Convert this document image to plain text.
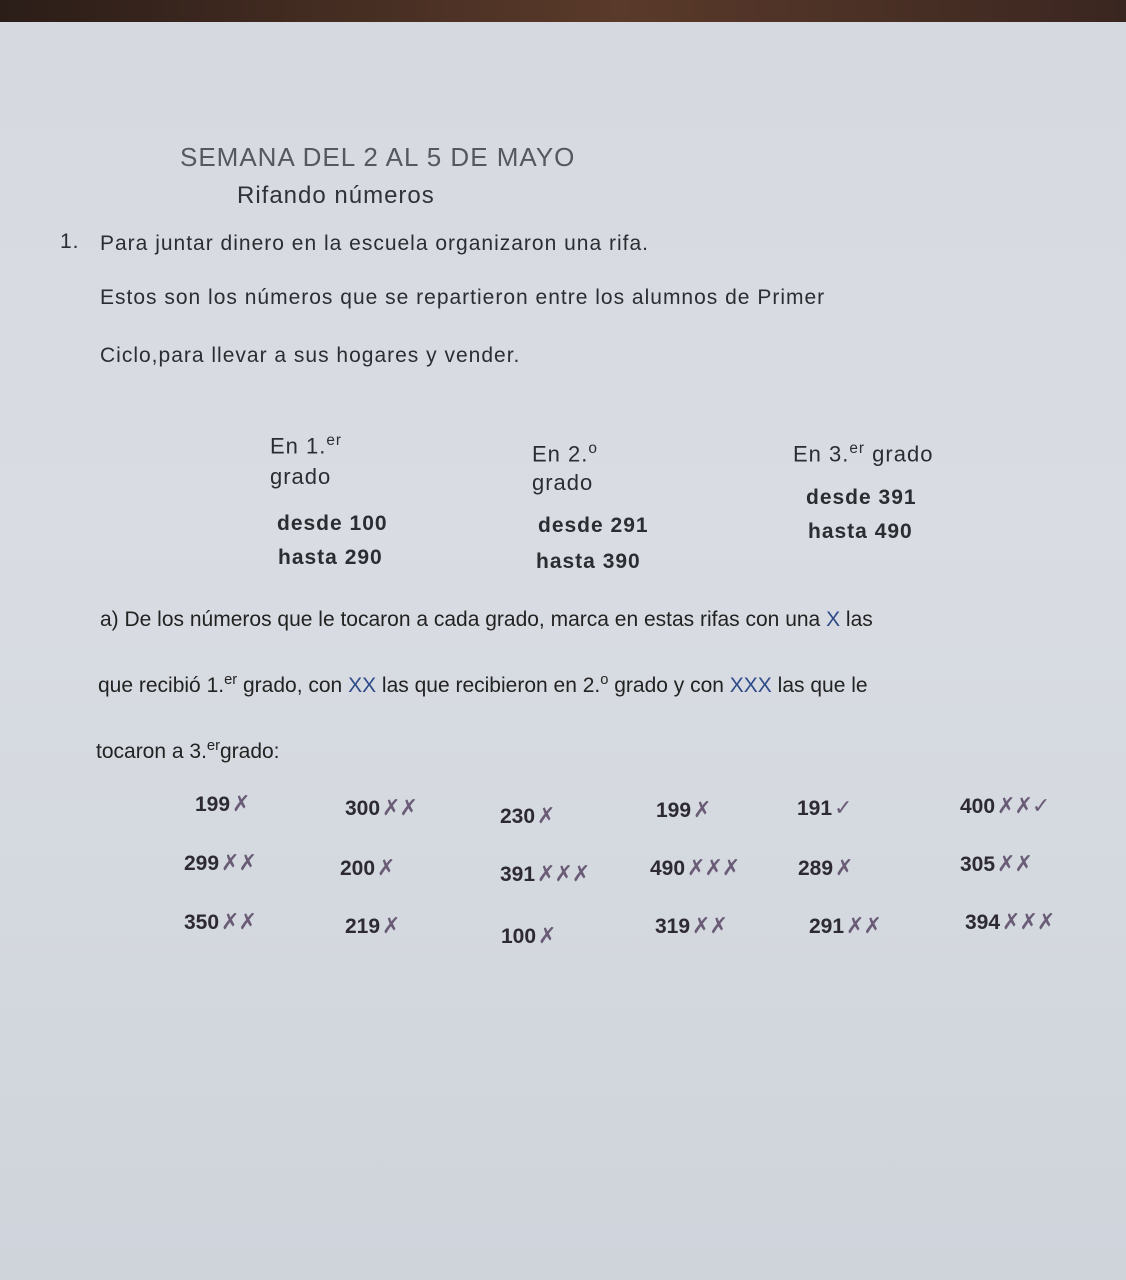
SEMANA DEL 2 AL 5 DE MAYO
Rifando números
1. Para juntar dinero en la escuela organizaron una rifa.
Estos son los números que se repartieron entre los alumnos de Primer
Ciclo,para llevar a sus hogares y vender.
En 1.$^{er}$
grado
desde 100
hasta 290
En 2.$^o$
grado
desde 291
hasta 390
En 3.$^{er}$ grado
desde 391
hasta 490
a) De los números que le tocaron a cada grado, marca en estas rifas con una X las
que recibió 1.$^{er}$ grado, con XX las que recibieron en 2.$^o$ grado y con XXX las que le
tocaron a 3.$^{er}$grado:
199✗	300✗✗	230✗	199✗	191✓	400✗✗✓
299✗✗	200✗	391✗✗✗	490✗✗✗	289✗	305✗✗
350✗✗	219✗	100✗	319✗✗	291✗✗	394✗✗✗
